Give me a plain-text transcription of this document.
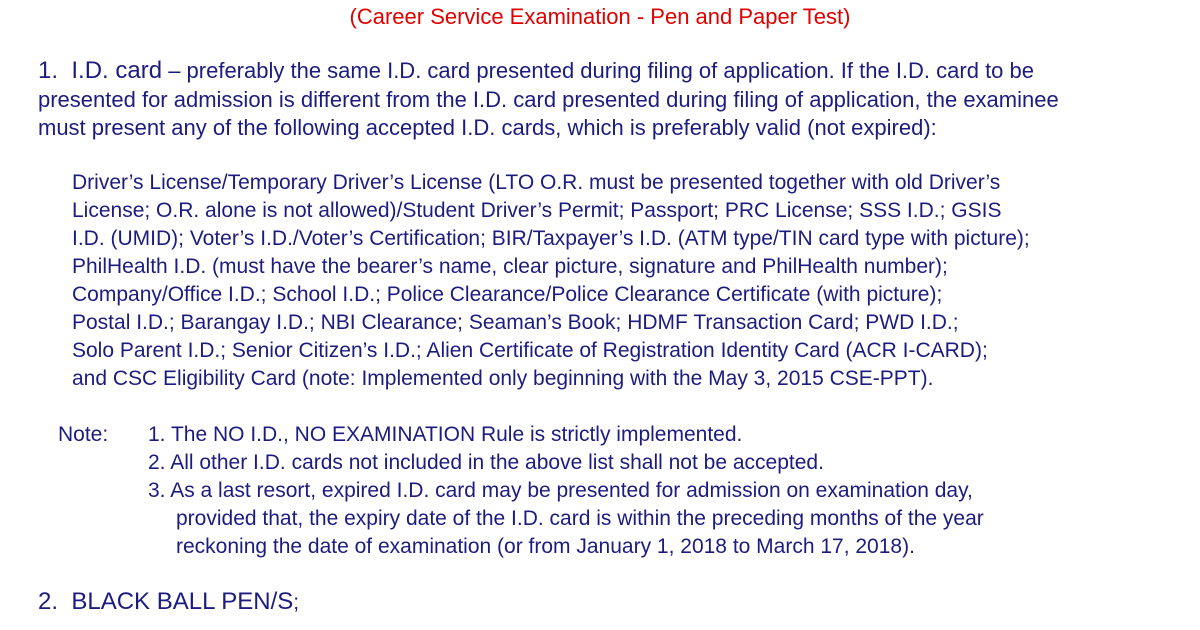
(Career Service Examination - Pen and Paper Test)
1. I.D. card – preferably the same I.D. card presented during filing of application. If the I.D. card to be
presented for admission is different from the I.D. card presented during filing of application, the examinee
must present any of the following accepted I.D. cards, which is preferably valid (not expired):
Driver’s License/Temporary Driver’s License (LTO O.R. must be presented together with old Driver’s
License; O.R. alone is not allowed)/Student Driver’s Permit; Passport; PRC License; SSS I.D.; GSIS
I.D. (UMID); Voter’s I.D./Voter’s Certification; BIR/Taxpayer’s I.D. (ATM type/TIN card type with picture);
PhilHealth I.D. (must have the bearer’s name, clear picture, signature and PhilHealth number);
Company/Office I.D.; School I.D.; Police Clearance/Police Clearance Certificate (with picture);
Postal I.D.; Barangay I.D.; NBI Clearance; Seaman’s Book; HDMF Transaction Card; PWD I.D.;
Solo Parent I.D.; Senior Citizen’s I.D.; Alien Certificate of Registration Identity Card (ACR I-CARD);
and CSC Eligibility Card (note: Implemented only beginning with the May 3, 2015 CSE-PPT).
Note: 1. The NO I.D., NO EXAMINATION Rule is strictly implemented.
2. All other I.D. cards not included in the above list shall not be accepted.
3. As a last resort, expired I.D. card may be presented for admission on examination day,
provided that, the expiry date of the I.D. card is within the preceding months of the year
reckoning the date of examination (or from January 1, 2018 to March 17, 2018).
2. BLACK BALL PEN/S;
